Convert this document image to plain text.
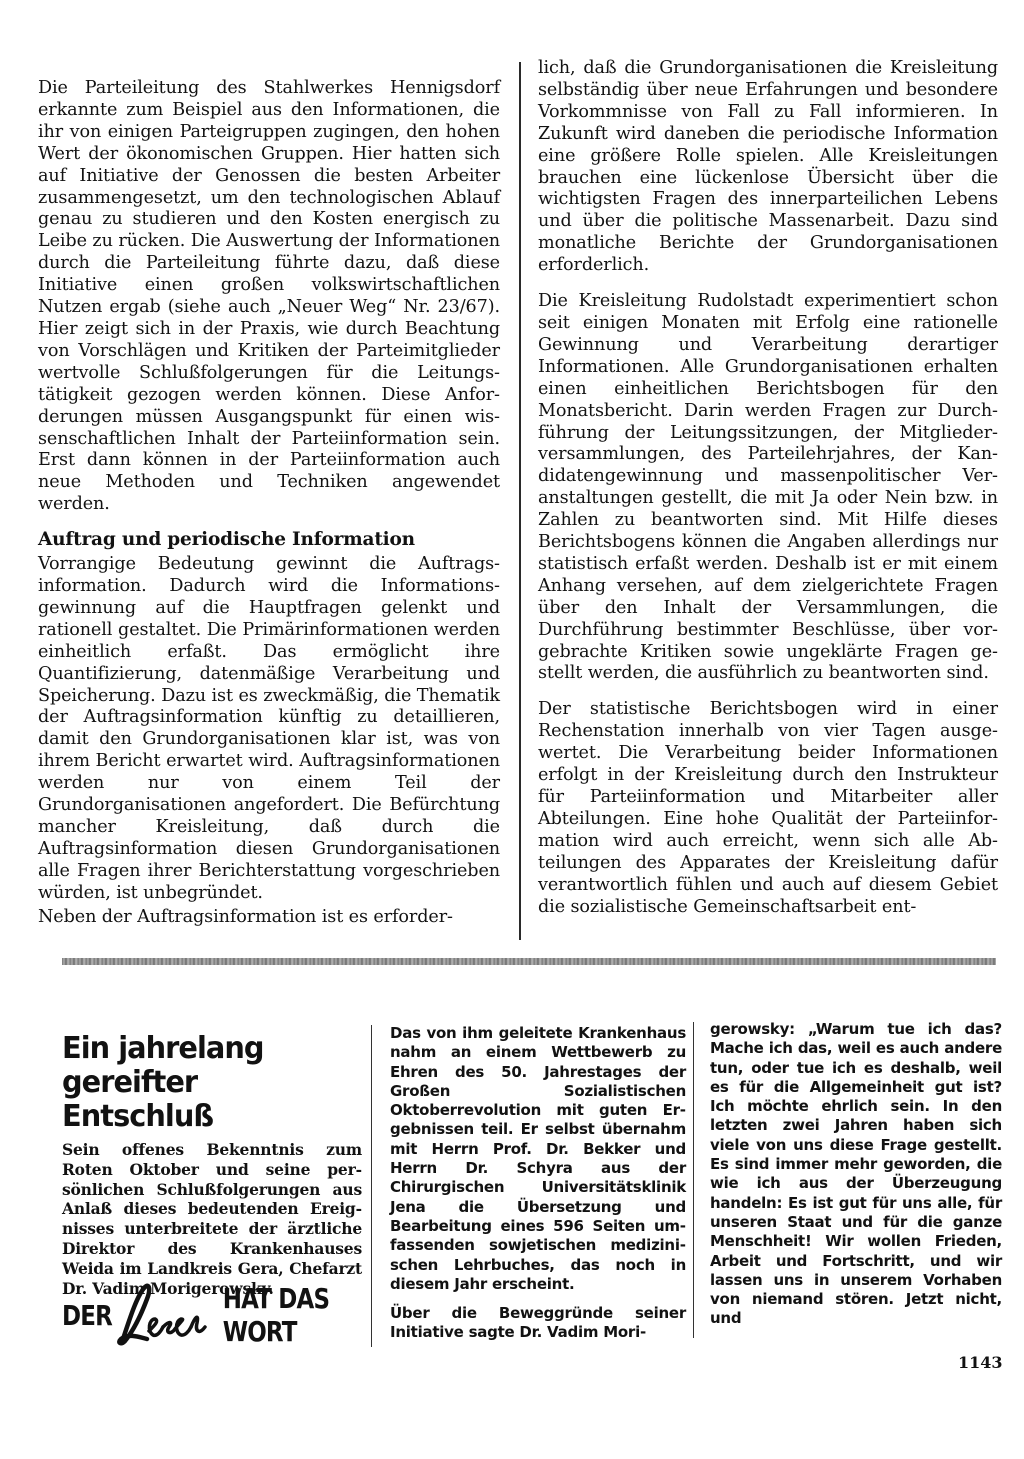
Die Parteileitung des Stahlwerkes Hennigsdorf erkannte zum Beispiel aus den Informationen, die ihr von einigen Parteigruppen zugingen, den hohen Wert der ökonomischen Gruppen. Hier hatten sich auf Initiative der Genossen die besten Arbeiter zusammengesetzt, um den technologischen Ablauf genau zu studieren und den Kosten energisch zu Leibe zu rücken. Die Auswertung der Informationen durch die Parteileitung führte dazu, daß diese Initiative einen großen volkswirtschaftlichen Nutzen ergab (siehe auch „Neuer Weg“ Nr. 23/67). Hier zeigt sich in der Praxis, wie durch Beachtung von Vorschlägen und Kritiken der Parteimitglieder wertvolle Schlußfolgerungen für die Leitungstätigkeit gezogen werden können. Diese Anforderungen müssen Ausgangspunkt für einen wissenschaftlichen Inhalt der Parteiinformation sein. Erst dann können in der Parteiinformation auch neue Methoden und Techniken angewendet werden.

Auftrag und periodische Information

Vorrangige Bedeutung gewinnt die Auftragsinformation. Dadurch wird die Informationsgewinnung auf die Hauptfragen gelenkt und rationell gestaltet. Die Primärinformationen werden einheitlich erfaßt. Das ermöglicht ihre Quantifizierung, datenmäßige Verarbeitung und Speicherung. Dazu ist es zweckmäßig, die Thematik der Auftragsinformation künftig zu detaillieren, damit den Grundorganisationen klar ist, was von ihrem Bericht erwartet wird. Auftragsinformationen werden nur von einem Teil der Grundorganisationen angefordert. Die Befürchtung mancher Kreisleitung, daß durch die Auftragsinformation diesen Grundorganisationen alle Fragen ihrer Berichterstattung vorgeschrieben würden, ist unbegründet.

Neben der Auftragsinformation ist es erforder-

lich, daß die Grundorganisationen die Kreisleitung selbständig über neue Erfahrungen und besondere Vorkommnisse von Fall zu Fall informieren. In Zukunft wird daneben die periodische Information eine größere Rolle spielen. Alle Kreisleitungen brauchen eine lückenlose Übersicht über die wichtigsten Fragen des innerparteilichen Lebens und über die politische Massenarbeit. Dazu sind monatliche Berichte der Grundorganisationen erforderlich.

Die Kreisleitung Rudolstadt experimentiert schon seit einigen Monaten mit Erfolg eine rationelle Gewinnung und Verarbeitung derartiger Informationen. Alle Grundorganisationen erhalten einen einheitlichen Berichtsbogen für den Monatsbericht. Darin werden Fragen zur Durchführung der Leitungssitzungen, der Mitgliederversammlungen, des Parteilehrjahres, der Kandidatengewinnung und massenpolitischer Veranstaltungen gestellt, die mit Ja oder Nein bzw. in Zahlen zu beantworten sind. Mit Hilfe dieses Berichtsbogens können die Angaben allerdings nur statistisch erfaßt werden. Deshalb ist er mit einem Anhang versehen, auf dem zielgerichtete Fragen über den Inhalt der Versammlungen, die Durchführung bestimmter Beschlüsse, über vorgebrachte Kritiken sowie ungeklärte Fragen gestellt werden, die ausführlich zu beantworten sind.

Der statistische Berichtsbogen wird in einer Rechenstation innerhalb von vier Tagen ausgewertet. Die Verarbeitung beider Informationen erfolgt in der Kreisleitung durch den Instrukteur für Parteiinformation und Mitarbeiter aller Abteilungen. Eine hohe Qualität der Parteiinformation wird auch erreicht, wenn sich alle Abteilungen des Apparates der Kreisleitung dafür verantwortlich fühlen und auch auf diesem Gebiet die sozialistische Gemeinschaftsarbeit ent-

Ein jahrelang
gereifter Entschluß
Sein offenes Bekenntnis zum Roten Oktober und seine persönlichen Schlußfolgerungen aus Anlaß dieses bedeutenden Ereignisses unterbreitete der ärztliche Direktor des Krankenhauses Weida im Landkreis Gera, Chefarzt Dr. Vadim Morigerowsky.
DER	HAT DAS WORT

Das von ihm geleitete Krankenhaus nahm an einem Wettbewerb zu Ehren des 50. Jahrestages der Großen Sozialistischen Oktoberrevolution mit guten Ergebnissen teil. Er selbst übernahm mit Herrn Prof. Dr. Bekker und Herrn Dr. Schyra aus der Chirurgischen Universitätsklinik Jena die Übersetzung und Bearbeitung eines 596 Seiten umfassenden sowjetischen medizinischen Lehrbuches, das noch in diesem Jahr erscheint.

Über die Beweggründe seiner Initiative sagte Dr. Vadim Mori-

gerowsky: „Warum tue ich das? Mache ich das, weil es auch andere tun, oder tue ich es deshalb, weil es für die Allgemeinheit gut ist? Ich möchte ehrlich sein. In den letzten zwei Jahren haben sich viele von uns diese Frage gestellt. Es sind immer mehr geworden, die wie ich aus der Überzeugung handeln: Es ist gut für uns alle, für unseren Staat und für die ganze Menschheit! Wir wollen Frieden, Arbeit und Fortschritt, und wir lassen uns in unserem Vorhaben von niemand stören. Jetzt nicht, und

1143
